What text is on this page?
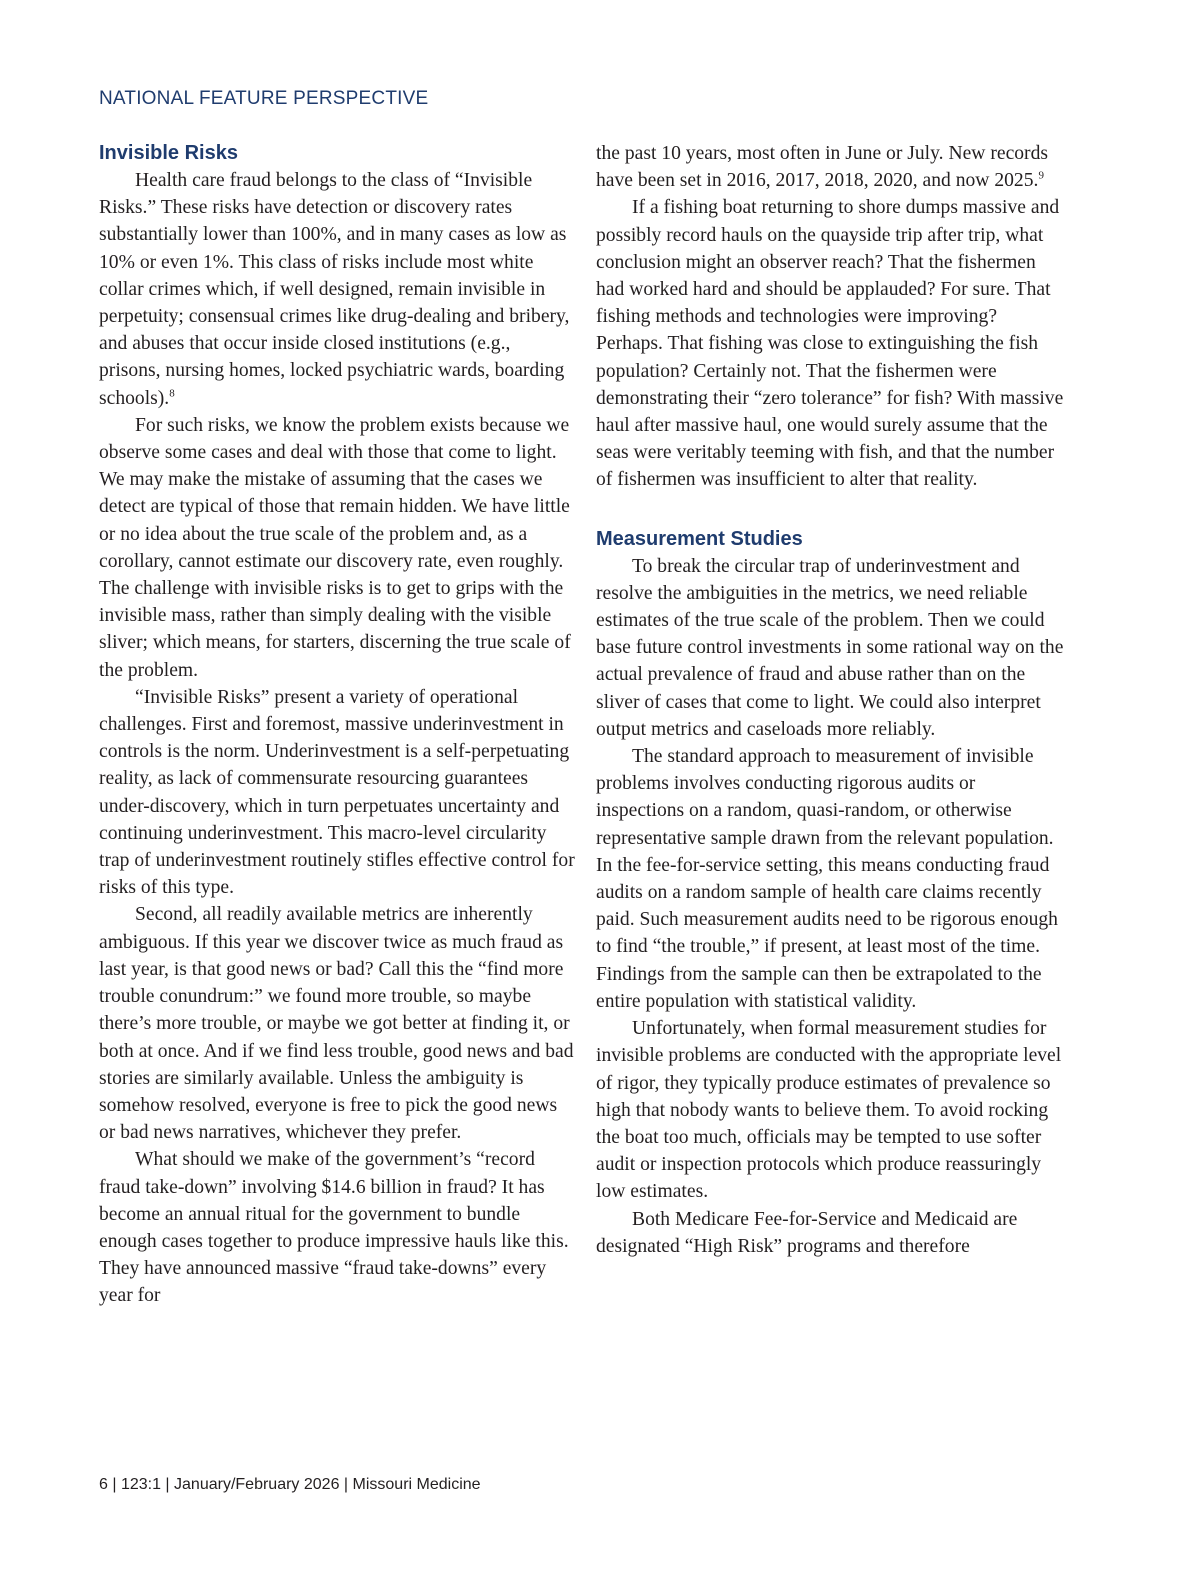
NATIONAL FEATURE PERSPECTIVE

Invisible Risks

Health care fraud belongs to the class of “Invisible Risks.” These risks have detection or discovery rates substantially lower than 100%, and in many cases as low as 10% or even 1%. This class of risks include most white collar crimes which, if well designed, remain invisible in perpetuity; consensual crimes like drug-dealing and bribery, and abuses that occur inside closed institutions (e.g., prisons, nursing homes, locked psychiatric wards, boarding schools).$^8$

For such risks, we know the problem exists because we observe some cases and deal with those that come to light. We may make the mistake of assuming that the cases we detect are typical of those that remain hidden. We have little or no idea about the true scale of the problem and, as a corollary, cannot estimate our discovery rate, even roughly. The challenge with invisible risks is to get to grips with the invisible mass, rather than simply dealing with the visible sliver; which means, for starters, discerning the true scale of the problem.

“Invisible Risks” present a variety of operational challenges. First and foremost, massive underinvestment in controls is the norm. Underinvestment is a self-perpetuating reality, as lack of commensurate resourcing guarantees under-discovery, which in turn perpetuates uncertainty and continuing underinvestment. This macro-level circularity trap of underinvestment routinely stifles effective control for risks of this type.

Second, all readily available metrics are inherently ambiguous. If this year we discover twice as much fraud as last year, is that good news or bad? Call this the “find more trouble conundrum:” we found more trouble, so maybe there’s more trouble, or maybe we got better at finding it, or both at once. And if we find less trouble, good news and bad stories are similarly available. Unless the ambiguity is somehow resolved, everyone is free to pick the good news or bad news narratives, whichever they prefer.

What should we make of the government’s “record fraud take-down” involving $14.6 billion in fraud? It has become an annual ritual for the government to bundle enough cases together to produce impressive hauls like this. They have announced massive “fraud take-downs” every year for

the past 10 years, most often in June or July. New records have been set in 2016, 2017, 2018, 2020, and now 2025.$^9$

If a fishing boat returning to shore dumps massive and possibly record hauls on the quayside trip after trip, what conclusion might an observer reach? That the fishermen had worked hard and should be applauded? For sure. That fishing methods and technologies were improving? Perhaps. That fishing was close to extinguishing the fish population? Certainly not. That the fishermen were demonstrating their “zero tolerance” for fish? With massive haul after massive haul, one would surely assume that the seas were veritably teeming with fish, and that the number of fishermen was insufficient to alter that reality.

Measurement Studies

To break the circular trap of underinvestment and resolve the ambiguities in the metrics, we need reliable estimates of the true scale of the problem. Then we could base future control investments in some rational way on the actual prevalence of fraud and abuse rather than on the sliver of cases that come to light. We could also interpret output metrics and caseloads more reliably.

The standard approach to measurement of invisible problems involves conducting rigorous audits or inspections on a random, quasi-random, or otherwise representative sample drawn from the relevant population. In the fee-for-service setting, this means conducting fraud audits on a random sample of health care claims recently paid. Such measurement audits need to be rigorous enough to find “the trouble,” if present, at least most of the time. Findings from the sample can then be extrapolated to the entire population with statistical validity.

Unfortunately, when formal measurement studies for invisible problems are conducted with the appropriate level of rigor, they typically produce estimates of prevalence so high that nobody wants to believe them. To avoid rocking the boat too much, officials may be tempted to use softer audit or inspection protocols which produce reassuringly low estimates.

Both Medicare Fee-for-Service and Medicaid are designated “High Risk” programs and therefore

6 | 123:1 | January/February 2026 | Missouri Medicine
